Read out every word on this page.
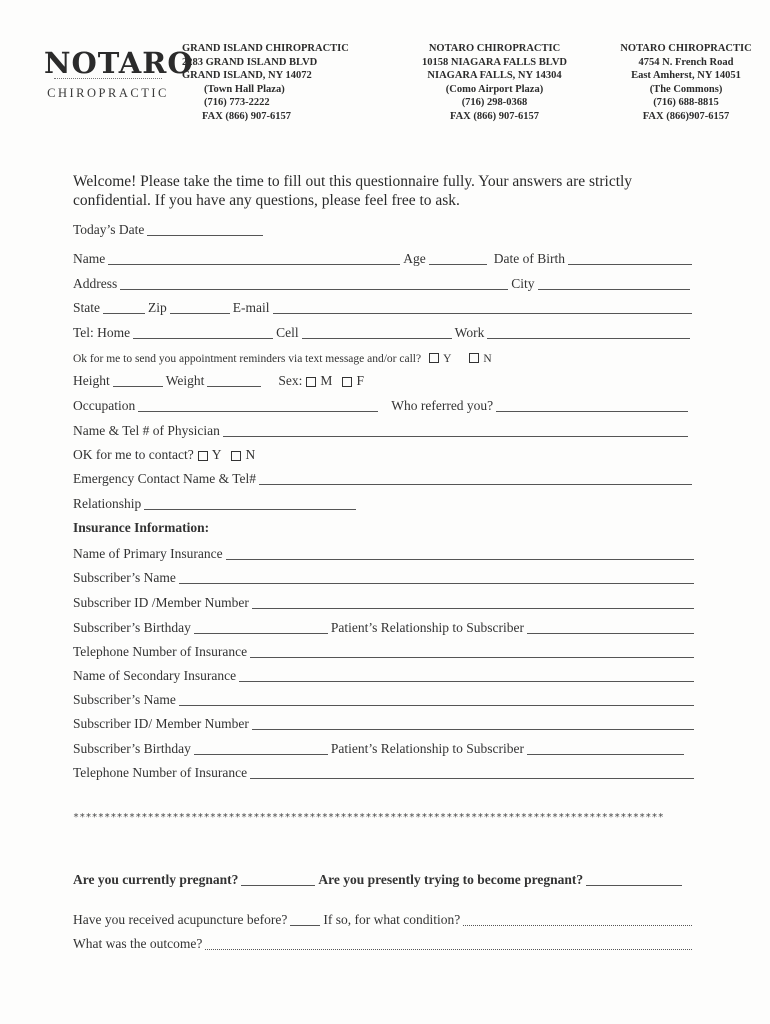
NOTARO
CHIROPRACTIC
GRAND ISLAND CHIROPRACTIC
2283 GRAND ISLAND BLVD
GRAND ISLAND, NY 14072
(Town Hall Plaza)
(716) 773-2222
FAX (866) 907-6157
NOTARO CHIROPRACTIC
10158 NIAGARA FALLS BLVD
NIAGARA FALLS, NY 14304
(Como Airport Plaza)
(716) 298-0368
FAX (866) 907-6157
NOTARO CHIROPRACTIC
4754 N. French Road
East Amherst, NY 14051
(The Commons)
(716) 688-8815
FAX (866)907-6157
Welcome! Please take the time to fill out this questionnaire fully. Your answers are strictly confidential. If you have any questions, please feel free to ask.
Today’s Date
Name	Age	Date of Birth
Address	City
State	Zip	E-mail
Tel: Home	Cell	Work
Ok for me to send you appointment reminders via text message and/or call? Y	N
Height	Weight	Sex: M F
Occupation	Who referred you?
Name & Tel # of Physician
OK for me to contact? Y N
Emergency Contact Name & Tel#
Relationship
Insurance Information:
Name of Primary Insurance
Subscriber’s Name
Subscriber ID /Member Number
Subscriber’s Birthday	Patient’s Relationship to Subscriber
Telephone Number of Insurance
Name of Secondary Insurance
Subscriber’s Name
Subscriber ID/ Member Number
Subscriber’s Birthday	Patient’s Relationship to Subscriber
Telephone Number of Insurance
***********************************************************************************************
Are you currently pregnant?	Are you presently trying to become pregnant?
Have you received acupuncture before?	If so, for what condition?
What was the outcome?
